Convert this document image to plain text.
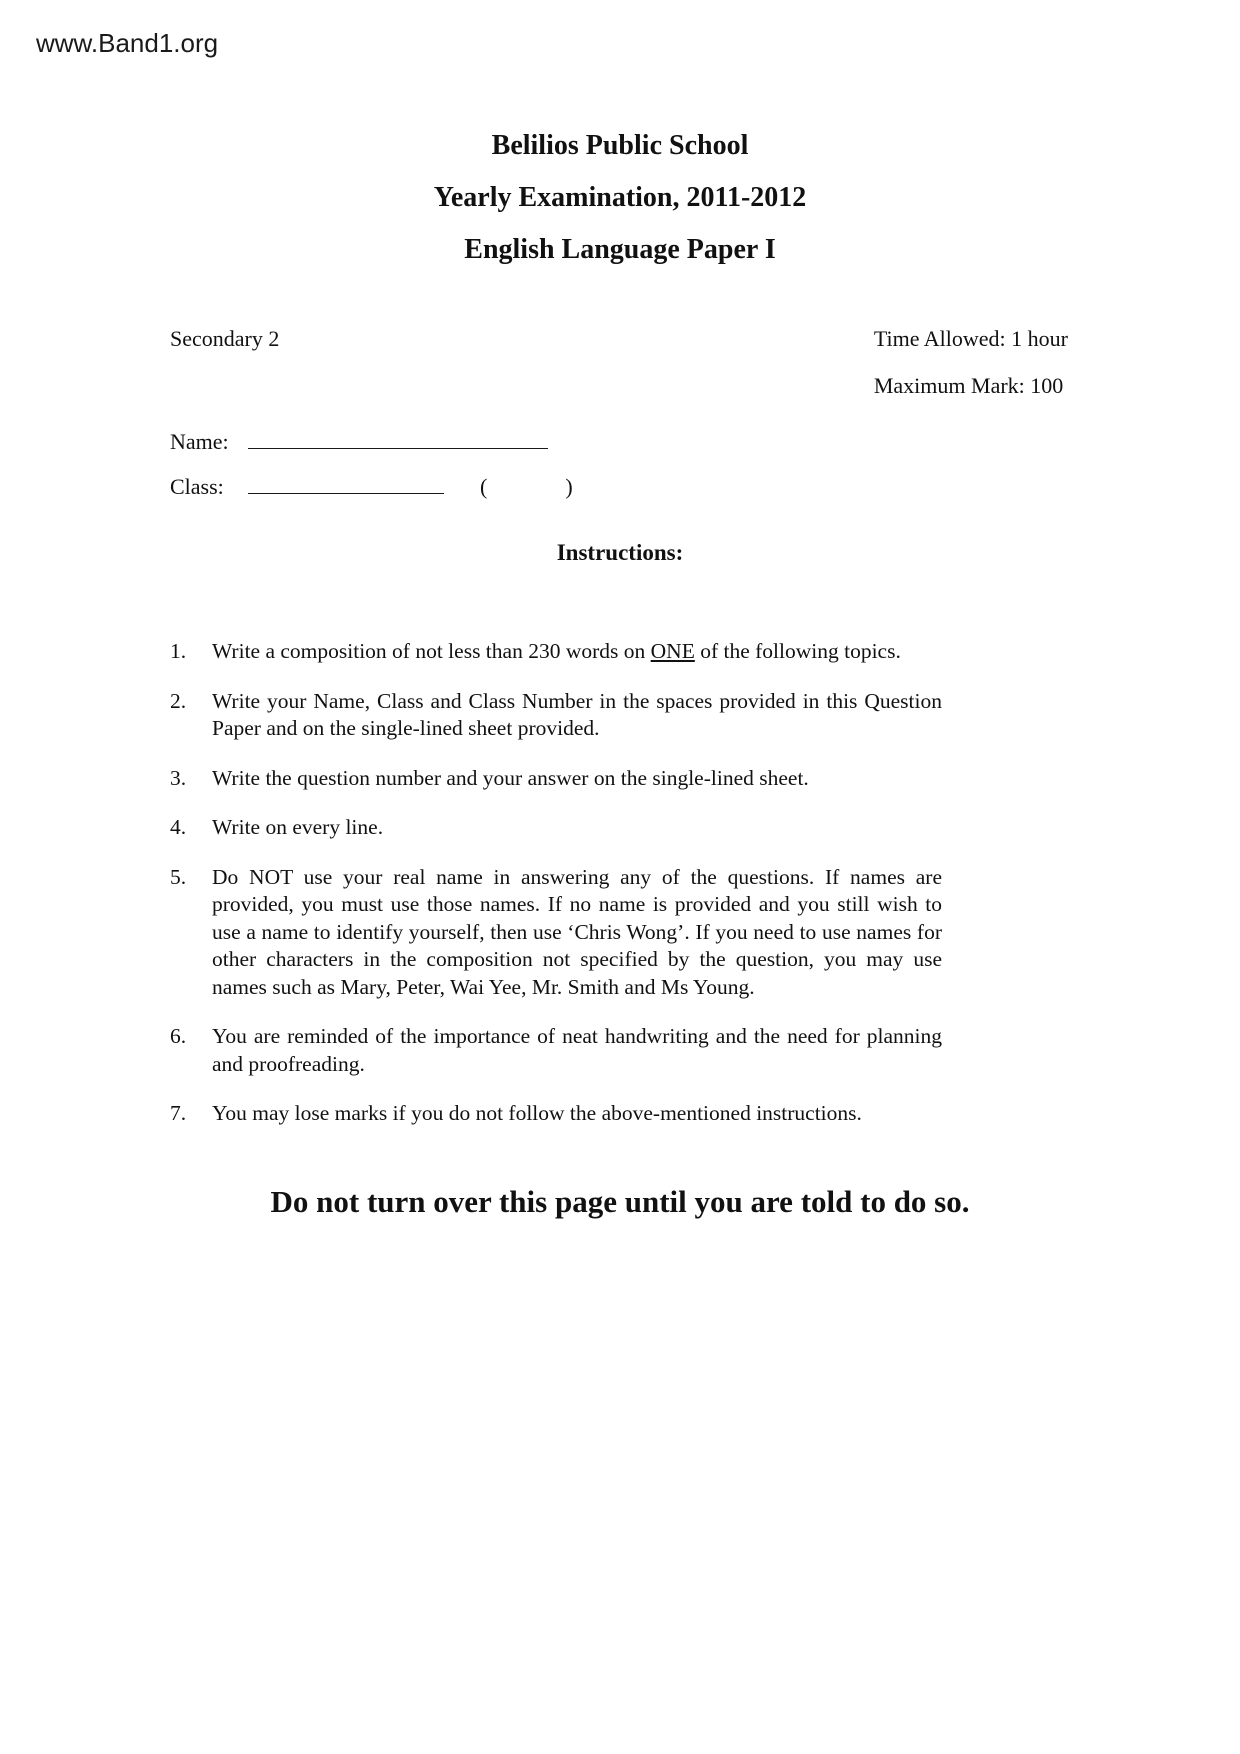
www.Band1.org
Belilios Public School
Yearly Examination, 2011-2012
English Language Paper I
Secondary 2	Time Allowed: 1 hour
Maximum Mark: 100
Name:
Class:	(	)
Instructions:
1.	Write a composition of not less than 230 words on ONE of the following topics.
2.	Write your Name, Class and Class Number in the spaces provided in this Question Paper and on the single-lined sheet provided.
3.	Write the question number and your answer on the single-lined sheet.
4.	Write on every line.
5.	Do NOT use your real name in answering any of the questions. If names are provided, you must use those names. If no name is provided and you still wish to use a name to identify yourself, then use ‘Chris Wong’. If you need to use names for other characters in the composition not specified by the question, you may use names such as Mary, Peter, Wai Yee, Mr. Smith and Ms Young.
6.	You are reminded of the importance of neat handwriting and the need for planning and proofreading.
7.	You may lose marks if you do not follow the above-mentioned instructions.
Do not turn over this page until you are told to do so.
